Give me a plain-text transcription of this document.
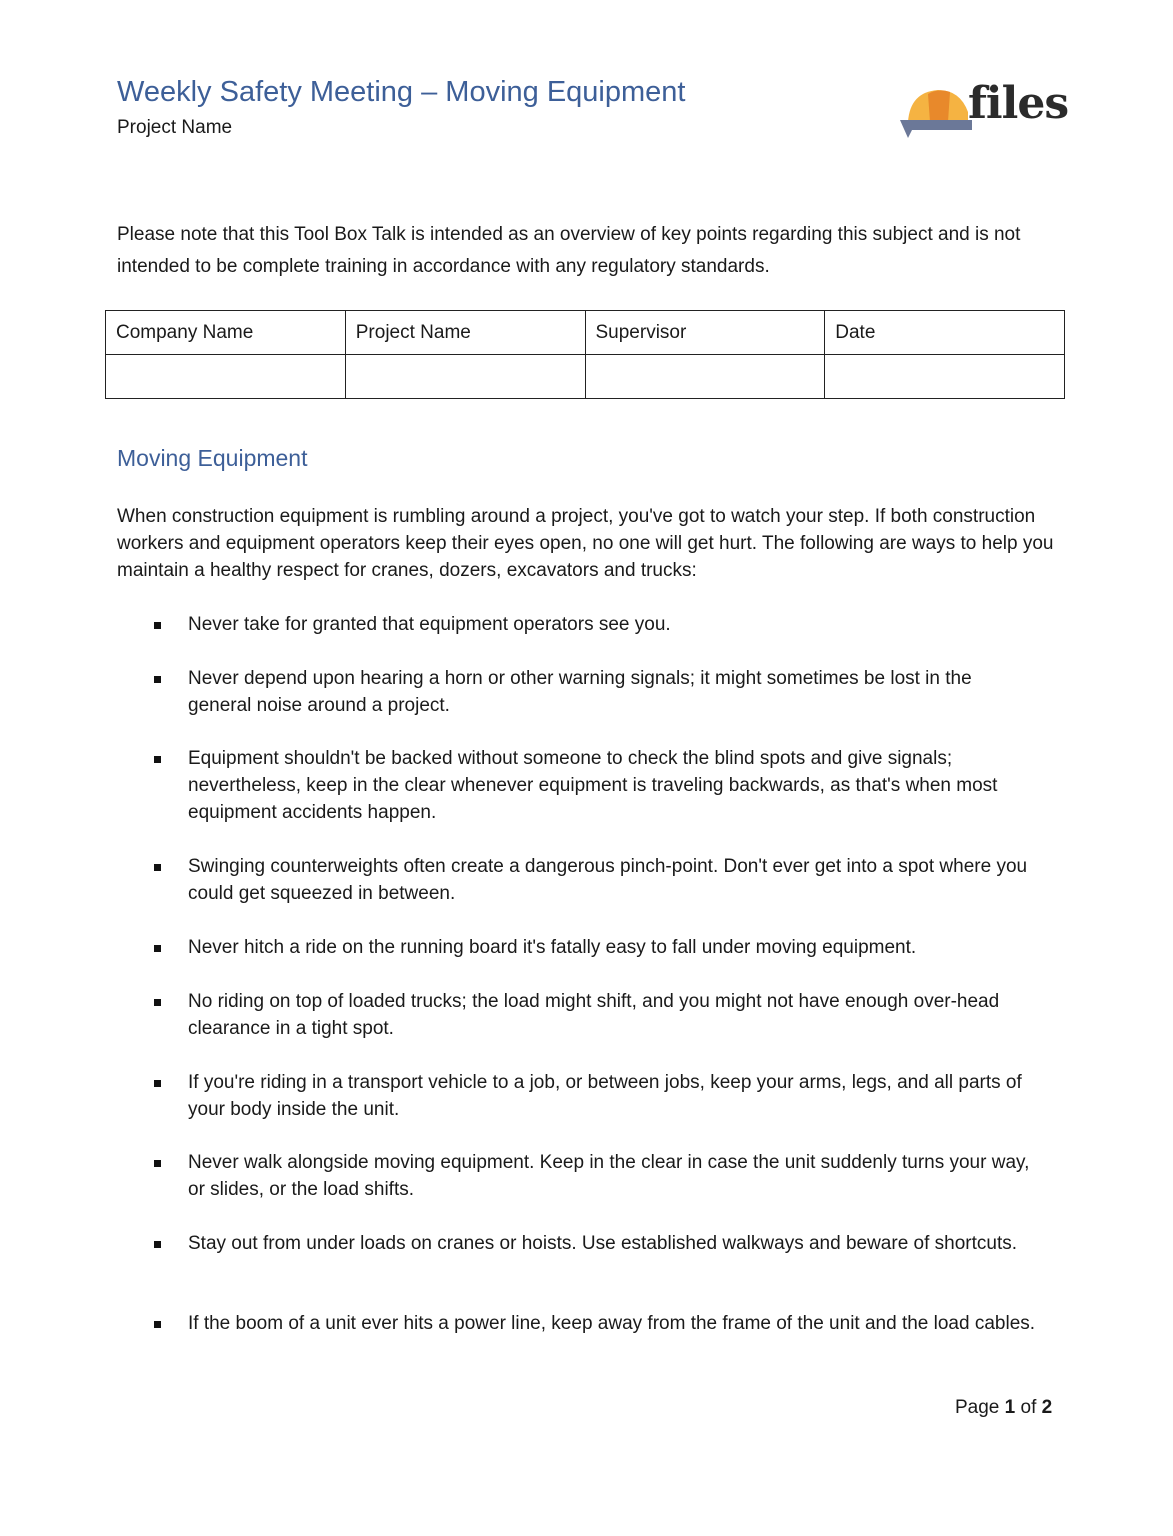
Weekly Safety Meeting – Moving Equipment
Project Name	files
Please note that this Tool Box Talk is intended as an overview of key points regarding this subject and is not intended to be complete training in accordance with any regulatory standards.
Company Name	Project Name	Supervisor	Date

Moving Equipment
When construction equipment is rumbling around a project, you've got to watch your step. If both construction workers and equipment operators keep their eyes open, no one will get hurt. The following are ways to help you maintain a healthy respect for cranes, dozers, excavators and trucks:
Never take for granted that equipment operators see you.
Never depend upon hearing a horn or other warning signals; it might sometimes be lost in the general noise around a project.
Equipment shouldn't be backed without someone to check the blind spots and give signals; nevertheless, keep in the clear whenever equipment is traveling backwards, as that's when most equipment accidents happen.
Swinging counterweights often create a dangerous pinch-point. Don't ever get into a spot where you could get squeezed in between.
Never hitch a ride on the running board it's fatally easy to fall under moving equipment.
No riding on top of loaded trucks; the load might shift, and you might not have enough over-head clearance in a tight spot.
If you're riding in a transport vehicle to a job, or between jobs, keep your arms, legs, and all parts of your body inside the unit.
Never walk alongside moving equipment. Keep in the clear in case the unit suddenly turns your way, or slides, or the load shifts.
Stay out from under loads on cranes or hoists. Use established walkways and beware of shortcuts.
If the boom of a unit ever hits a power line, keep away from the frame of the unit and the load cables.
Page 1 of 2
